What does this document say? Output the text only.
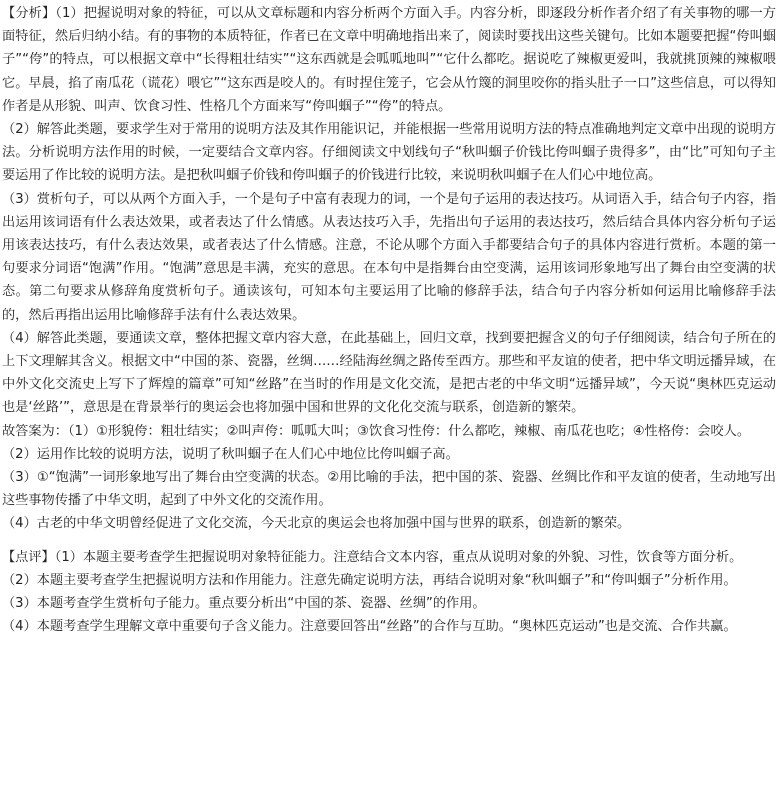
【分析】（1）把握说明对象的特征，可以从文章标题和内容分析两个方面入手。内容分析，即逐段分析作者介绍了有关事物的哪一方面特征，然后归纳小结。有的事物的本质特征，作者已在文章中明确地指出来了，阅读时要找出这些关键句。比如本题要把握“侉叫蝈子”“侉”的特点，可以根据文章中“长得粗壮结实”“这东西就是会呱呱地叫”“它什么都吃。据说吃了辣椒更爱叫，我就挑顶辣的辣椒喂它。早晨，掐了南瓜花（谎花）喂它”“这东西是咬人的。有时捏住笼子，它会从竹篾的洞里咬你的指头肚子一口”这些信息，可以得知作者是从形貌、叫声、饮食习性、性格几个方面来写“侉叫蝈子”“侉”的特点。

（2）解答此类题，要求学生对于常用的说明方法及其作用能识记，并能根据一些常用说明方法的特点准确地判定文章中出现的说明方法。分析说明方法作用的时候，一定要结合文章内容。仔细阅读文中划线句子“秋叫蝈子价钱比侉叫蝈子贵得多”，由“比”可知句子主要运用了作比较的说明方法。是把秋叫蝈子价钱和侉叫蝈子的价钱进行比较，来说明秋叫蝈子在人们心中地位高。

（3）赏析句子，可以从两个方面入手，一个是句子中富有表现力的词，一个是句子运用的表达技巧。从词语入手，结合句子内容，指出运用该词语有什么表达效果，或者表达了什么情感。从表达技巧入手，先指出句子运用的表达技巧，然后结合具体内容分析句子运用该表达技巧，有什么表达效果，或者表达了什么情感。注意，不论从哪个方面入手都要结合句子的具体内容进行赏析。本题的第一句要求分词语“饱满”作用。“饱满”意思是丰满，充实的意思。在本句中是指舞台由空变满，运用该词形象地写出了舞台由空变满的状态。第二句要求从修辞角度赏析句子。通读该句，可知本句主要运用了比喻的修辞手法，结合句子内容分析如何运用比喻修辞手法的，然后再指出运用比喻修辞手法有什么表达效果。

（4）解答此类题，要通读文章，整体把握文章内容大意，在此基础上，回归文章，找到要把握含义的句子仔细阅读，结合句子所在的上下文理解其含义。根据文中“中国的茶、瓷器，丝绸……经陆海丝绸之路传至西方。那些和平友谊的使者，把中华文明远播异域，在中外文化交流史上写下了辉煌的篇章”可知“丝路”在当时的作用是文化交流，是把古老的中华文明“远播异域”，今天说“奥林匹克运动也是‘丝路’”，意思是在背景举行的奥运会也将加强中国和世界的文化化交流与联系，创造新的繁荣。

故答案为：（1）①形貌侉：粗壮结实；②叫声侉：呱呱大叫；③饮食习性侉：什么都吃，辣椒、南瓜花也吃；④性格侉：会咬人。

（2）运用作比较的说明方法，说明了秋叫蝈子在人们心中地位比侉叫蝈子高。

（3）①“饱满”一词形象地写出了舞台由空变满的状态。②用比喻的手法，把中国的茶、瓷器、丝绸比作和平友谊的使者，生动地写出这些事物传播了中华文明，起到了中外文化的交流作用。

（4）古老的中华文明曾经促进了文化交流，今天北京的奥运会也将加强中国与世界的联系，创造新的繁荣。

【点评】（1）本题主要考查学生把握说明对象特征能力。注意结合文本内容，重点从说明对象的外貌、习性，饮食等方面分析。

（2）本题主要考查学生把握说明方法和作用能力。注意先确定说明方法，再结合说明对象“秋叫蝈子”和“侉叫蝈子”分析作用。

（3）本题考查学生赏析句子能力。重点要分析出“中国的茶、瓷器、丝绸”的作用。

（4）本题考查学生理解文章中重要句子含义能力。注意要回答出“丝路”的合作与互助。“奥林匹克运动”也是交流、合作共赢。
